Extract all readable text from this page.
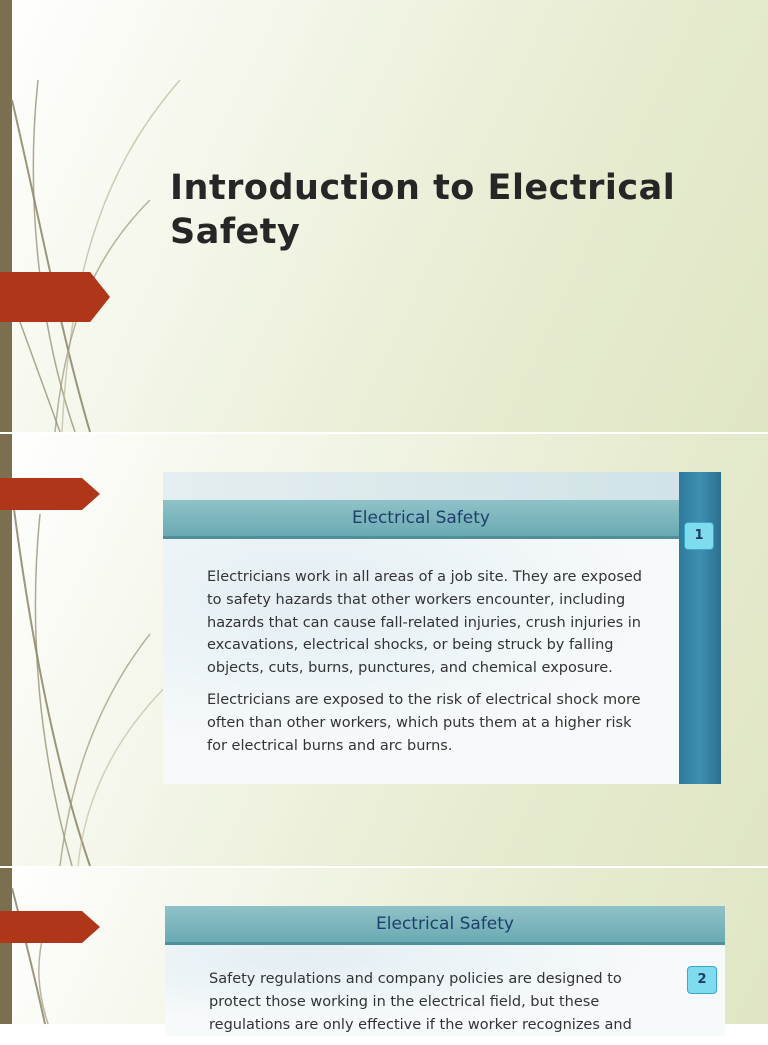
Introduction to Electrical Safety
Electrical Safety
1

Electricians work in all areas of a job site. They are exposed to safety hazards that other workers encounter, including hazards that can cause fall-related injuries, crush injuries in excavations, electrical shocks, or being struck by falling objects, cuts, burns, punctures, and chemical exposure.

Electricians are exposed to the risk of electrical shock more often than other workers, which puts them at a higher risk for electrical burns and arc burns.

Electrical Safety
2

Safety regulations and company policies are designed to protect those working in the electrical field, but these regulations are only effective if the worker recognizes and
